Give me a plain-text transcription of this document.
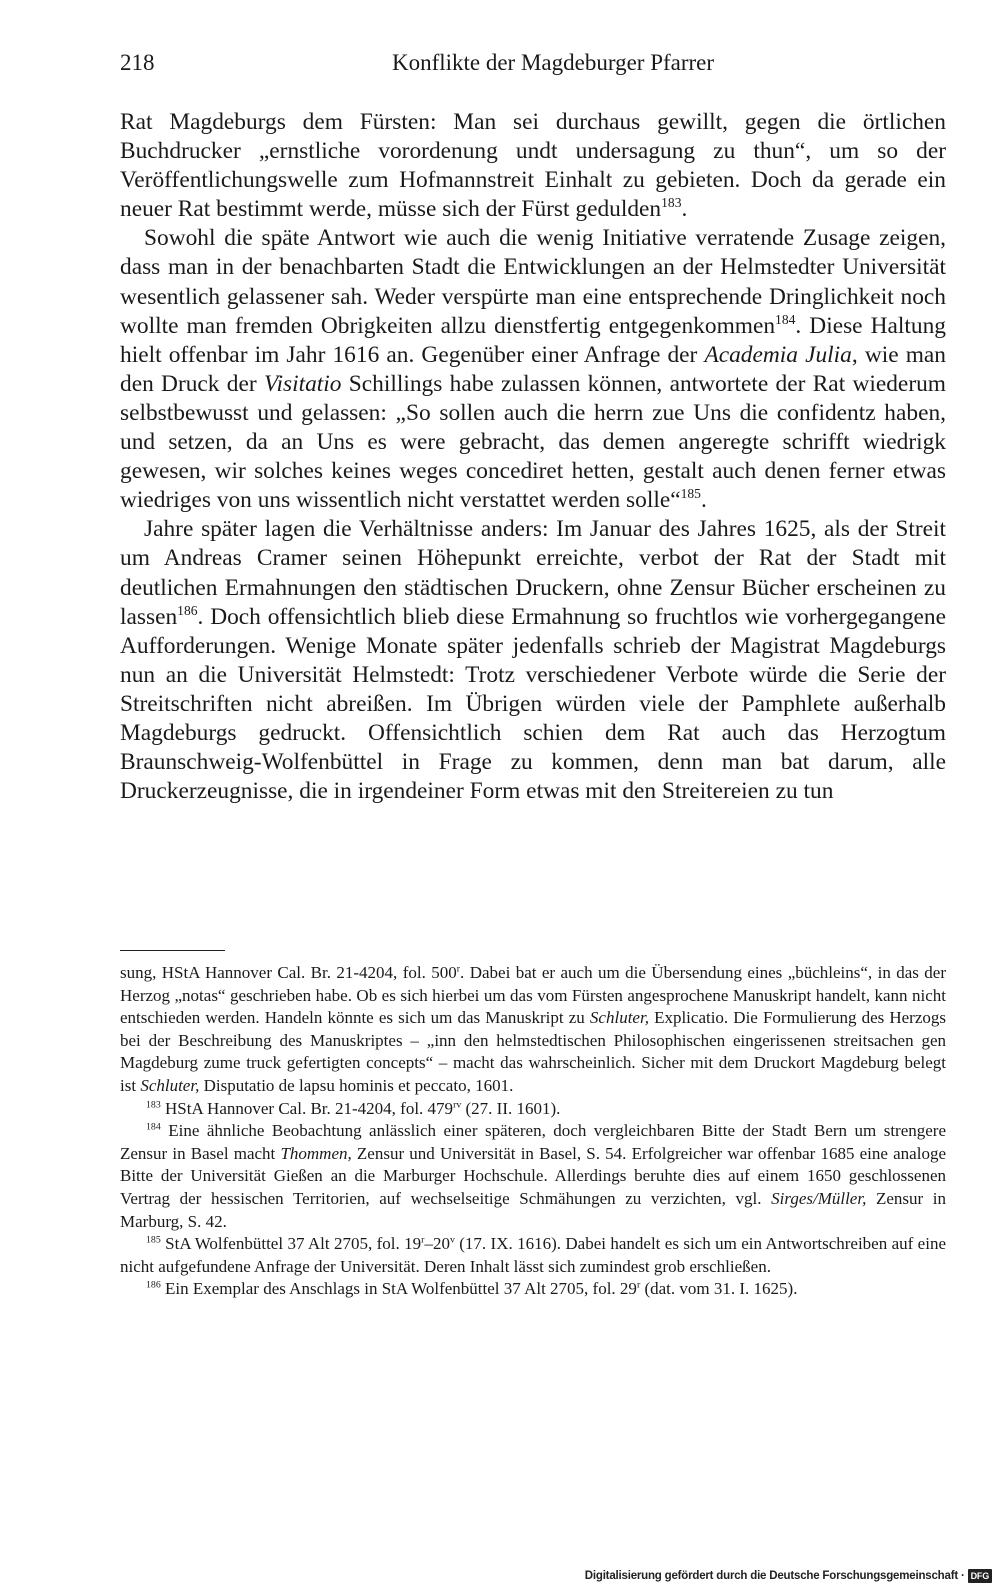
218	Konflikte der Magdeburger Pfarrer

Rat Magdeburgs dem Fürsten: Man sei durchaus gewillt, gegen die örtlichen Buchdrucker „ernstliche vorordenung undt undersagung zu thun“, um so der Veröffentlichungswelle zum Hofmannstreit Einhalt zu gebieten. Doch da gerade ein neuer Rat bestimmt werde, müsse sich der Fürst gedulden$^{183}$.

Sowohl die späte Antwort wie auch die wenig Initiative verratende Zusage zeigen, dass man in der benachbarten Stadt die Entwicklungen an der Helmstedter Universität wesentlich gelassener sah. Weder verspürte man eine entsprechende Dringlichkeit noch wollte man fremden Obrigkeiten allzu dienstfertig entgegenkommen$^{184}$. Diese Haltung hielt offenbar im Jahr 1616 an. Gegenüber einer Anfrage der Academia Julia, wie man den Druck der Visitatio Schillings habe zulassen können, antwortete der Rat wiederum selbstbewusst und gelassen: „So sollen auch die herrn zue Uns die confidentz haben, und setzen, da an Uns es were gebracht, das demen angeregte schrifft wiedrigk gewesen, wir solches keines weges concediret hetten, gestalt auch denen ferner etwas wiedriges von uns wissentlich nicht verstattet werden solle“$^{185}$.

Jahre später lagen die Verhältnisse anders: Im Januar des Jahres 1625, als der Streit um Andreas Cramer seinen Höhepunkt erreichte, verbot der Rat der Stadt mit deutlichen Ermahnungen den städtischen Druckern, ohne Zensur Bücher erscheinen zu lassen$^{186}$. Doch offensichtlich blieb diese Ermahnung so fruchtlos wie vorhergegangene Aufforderungen. Wenige Monate später jedenfalls schrieb der Magistrat Magdeburgs nun an die Universität Helmstedt: Trotz verschiedener Verbote würde die Serie der Streitschriften nicht abreißen. Im Übrigen würden viele der Pamphlete außerhalb Magdeburgs gedruckt. Offensichtlich schien dem Rat auch das Herzogtum Braunschweig-Wolfenbüttel in Frage zu kommen, denn man bat darum, alle Druckerzeugnisse, die in irgendeiner Form etwas mit den Streitereien zu tun

sung, HStA Hannover Cal. Br. 21-4204, fol. 500$^r$. Dabei bat er auch um die Übersendung eines „büchleins“, in das der Herzog „notas“ geschrieben habe. Ob es sich hierbei um das vom Fürsten angesprochene Manuskript handelt, kann nicht entschieden werden. Handeln könnte es sich um das Manuskript zu Schluter, Explicatio. Die Formulierung des Herzogs bei der Beschreibung des Manuskriptes – „inn den helmstedtischen Philosophischen eingerissenen streitsachen gen Magdeburg zume truck gefertigten concepts“ – macht das wahrscheinlich. Sicher mit dem Druckort Magdeburg belegt ist Schluter, Disputatio de lapsu hominis et peccato, 1601.

$^{183}$ HStA Hannover Cal. Br. 21-4204, fol. $479^{rv}$ (27. II. 1601).

$^{184}$ Eine ähnliche Beobachtung anlässlich einer späteren, doch vergleichbaren Bitte der Stadt Bern um strengere Zensur in Basel macht Thommen, Zensur und Universität in Basel, S. 54. Erfolgreicher war offenbar 1685 eine analoge Bitte der Universität Gießen an die Marburger Hochschule. Allerdings beruhte dies auf einem 1650 geschlossenen Vertrag der hessischen Territorien, auf wechselseitige Schmähungen zu verzichten, vgl. Sirges/Müller, Zensur in Marburg, S. 42.

$^{185}$ StA Wolfenbüttel 37 Alt 2705, fol. 19$^r$–20$^v$ (17. IX. 1616). Dabei handelt es sich um ein Antwortschreiben auf eine nicht aufgefundene Anfrage der Universität. Deren Inhalt lässt sich zumindest grob erschließen.

$^{186}$ Ein Exemplar des Anschlags in StA Wolfenbüttel 37 Alt 2705, fol. 29$^r$ (dat. vom 31. I. 1625).

Digitalisierung gefördert durch die Deutsche Forschungsgemeinschaft · DFG
